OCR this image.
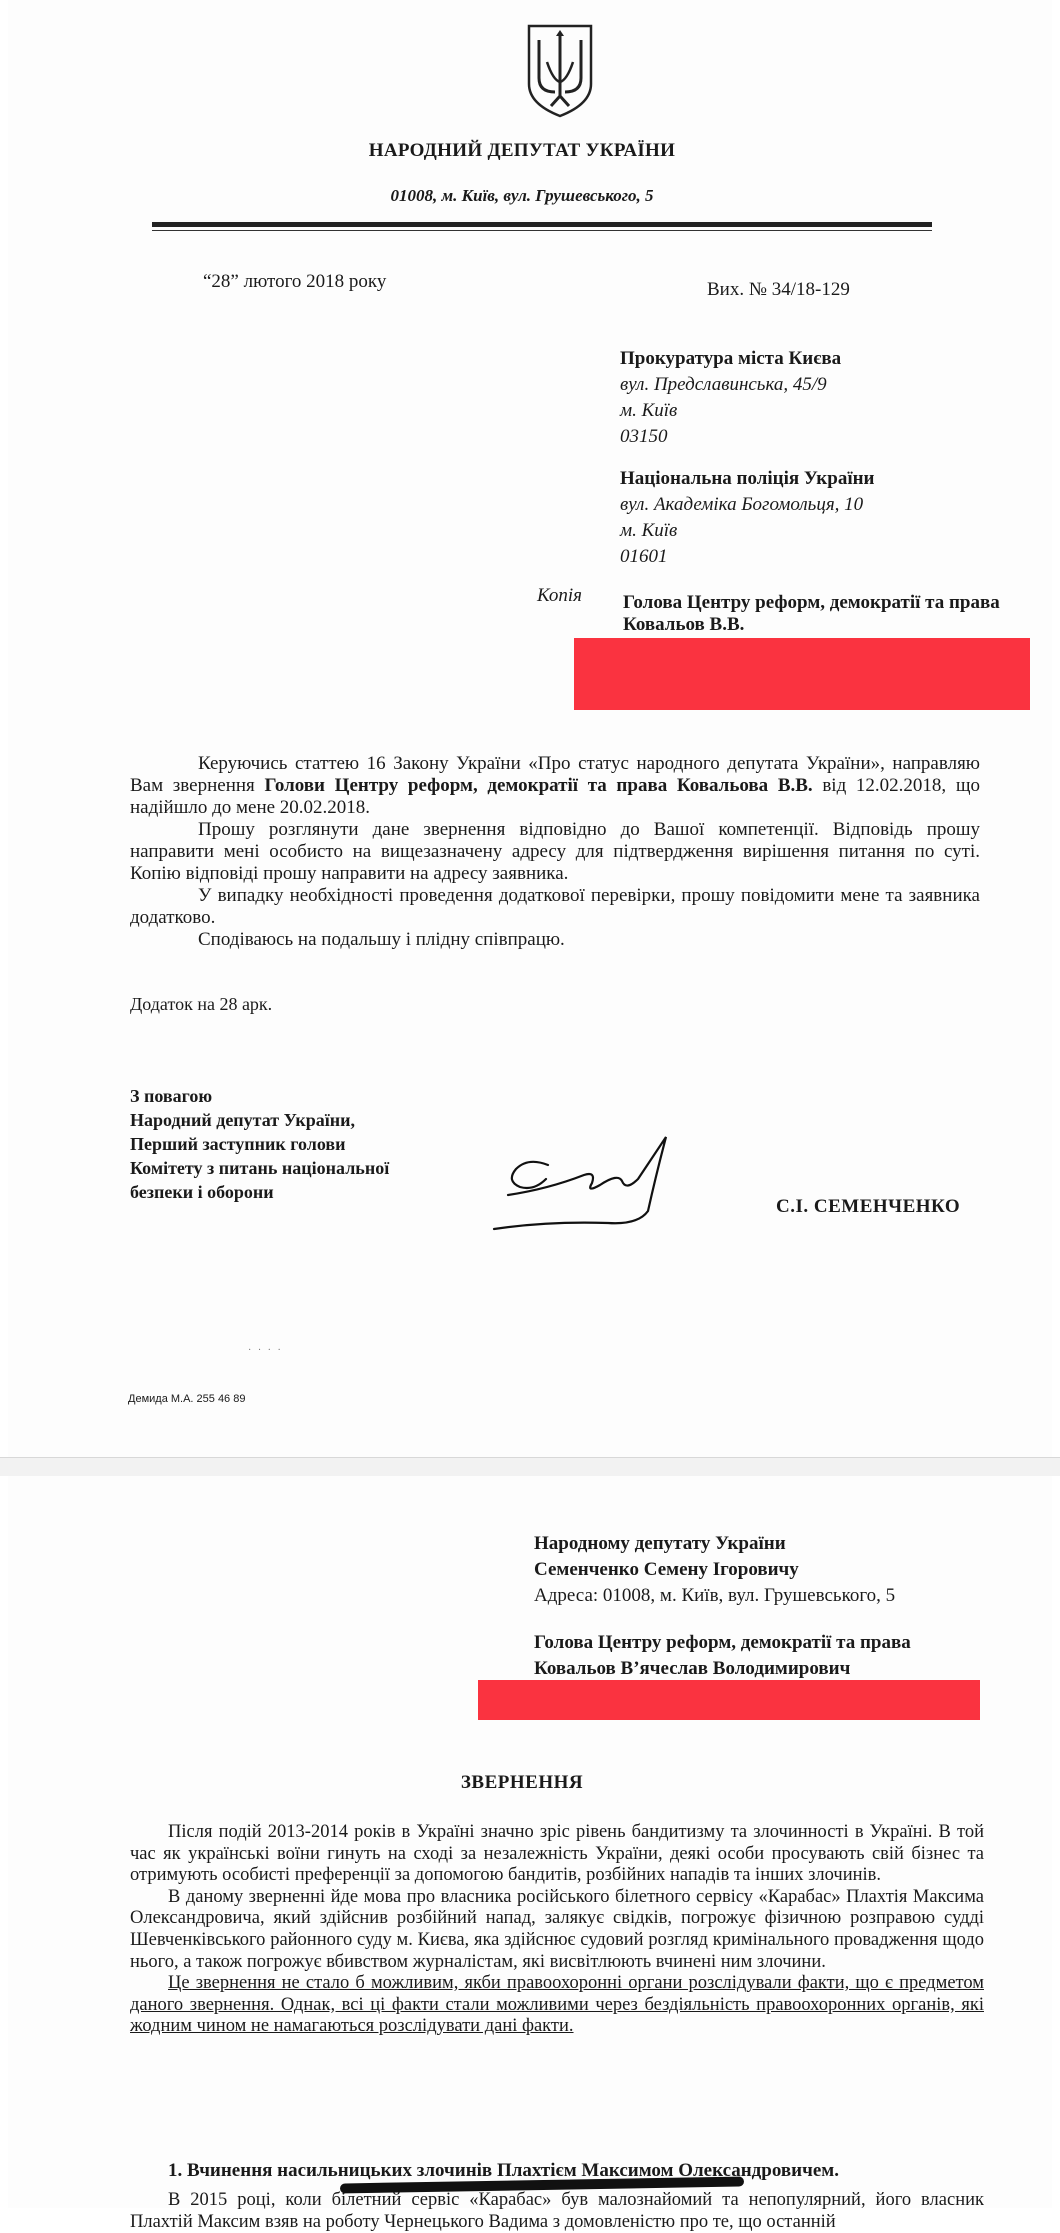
НАРОДНИЙ ДЕПУТАТ УКРАЇНИ
01008, м. Київ, вул. Грушевського, 5
“28” лютого 2018 року	Вих. № 34/18-129
Прокуратура міста Києва
вул. Предславинська, 45/9
м. Київ
03150
Національна поліція України
вул. Академіка Богомольця, 10
м. Київ
01601
Копія Голова Центру реформ, демократії та права Ковальов В.В.

Керуючись статтею 16 Закону України «Про статус народного депутата України», направляю Вам звернення Голови Центру реформ, демократії та права Ковальова В.В. від 12.02.2018, що надійшло до мене 20.02.2018.

Прошу розглянути дане звернення відповідно до Вашої компетенції. Відповідь прошу направити мені особисто на вищезазначену адресу для підтвердження вирішення питання по суті. Копію відповіді прошу направити на адресу заявника.

У випадку необхідності проведення додаткової перевірки, прошу повідомити мене та заявника додатково.

Сподіваюсь на подальшу і плідну співпрацю.

Додаток на 28 арк.
З повагою
Народний депутат України,
Перший заступник голови
Комітету з питань національної
безпеки і оборони
С.І. СЕМЕНЧЕНКО
· · · ·
Демида М.А. 255 46 89
Народному депутату України
Семенченко Семену Ігоровичу
Адреса: 01008, м. Київ, вул. Грушевського, 5
Голова Центру реформ, демократії та права
Ковальов В’ячеслав Володимирович
ЗВЕРНЕННЯ

Після подій 2013-2014 років в Україні значно зріс рівень бандитизму та злочинності в Україні. В той час як українські воїни гинуть на сході за незалежність України, деякі особи просувають свій бізнес та отримують особисті преференції за допомогою бандитів, розбійних нападів та інших злочинів.

В даному зверненні йде мова про власника російського білетного сервісу «Карабас» Плахтія Максима Олександровича, який здійснив розбійний напад, залякує свідків, погрожує фізичною розправою судді Шевченківського районного суду м. Києва, яка здійснює судовий розгляд кримінального провадження щодо нього, а також погрожує вбивством журналістам, які висвітлюють вчинені ним злочини.

Це звернення не стало б можливим, якби правоохоронні органи розслідували факти, що є предметом даного звернення. Однак, всі ці факти стали можливими через бездіяльність правоохоронних органів, які жодним чином не намагаються розслідувати дані факти.

1. Вчинення насильницьких злочинів Плахтієм Максимом Олександровичем.

В 2015 році, коли білетний сервіс «Карабас» був малознайомий та непопулярний, його власник Плахтій Максим взяв на роботу Чернецького Вадима з домовленістю про те, що останній
